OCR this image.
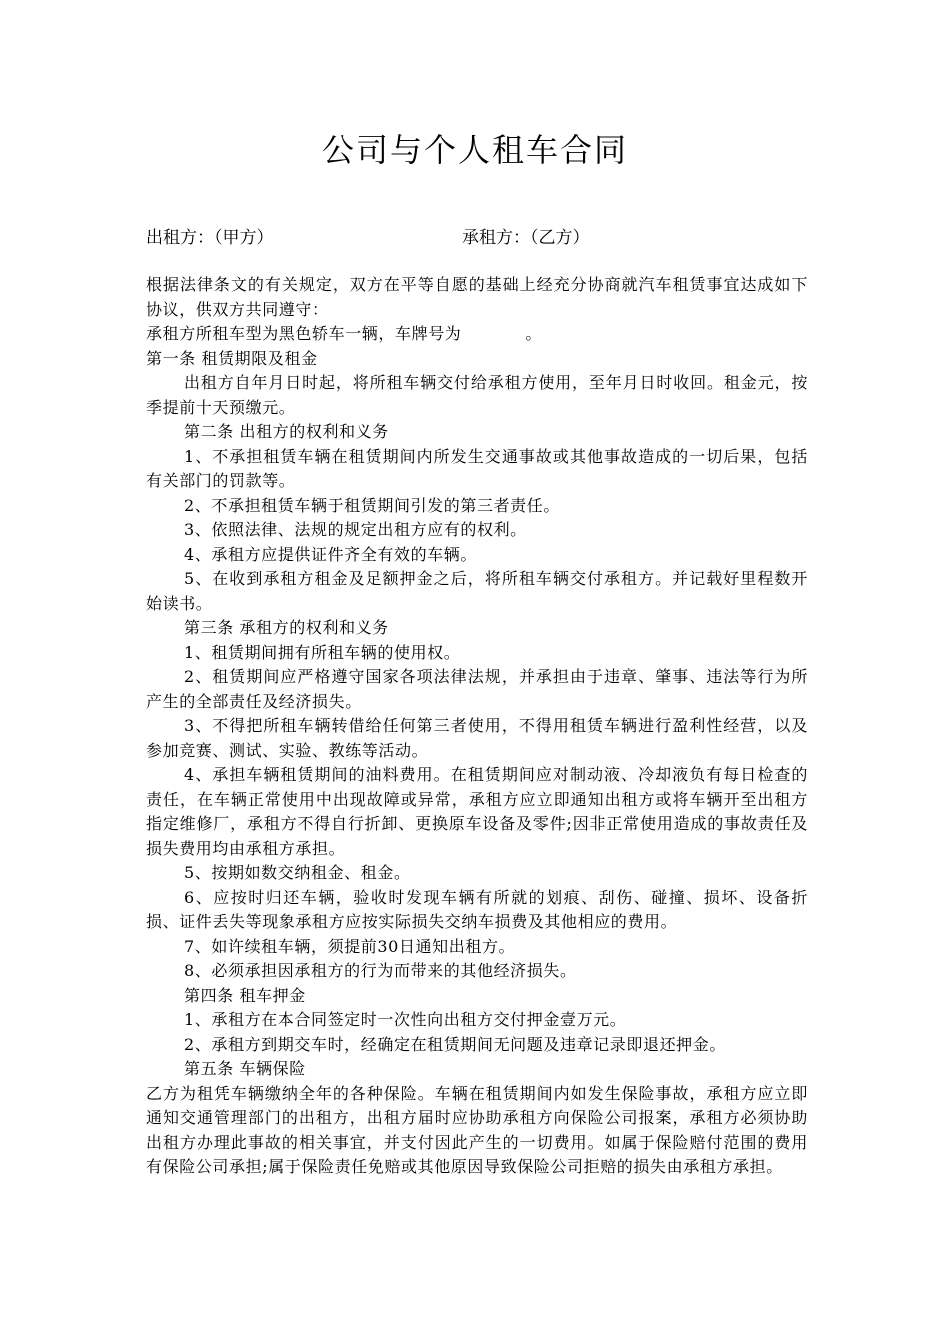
公司与个人租车合同
出租方：（甲方）	承租方：（乙方）

根据法律条文的有关规定，双方在平等自愿的基础上经充分协商就汽车租赁事宜达成如下协议，供双方共同遵守：

承租方所租车型为黑色轿车一辆，车牌号为	。

第一条 租赁期限及租金

出租方自年月日时起，将所租车辆交付给承租方使用，至年月日时收回。租金元，按季提前十天预缴元。

第二条 出租方的权利和义务

1、不承担租赁车辆在租赁期间内所发生交通事故或其他事故造成的一切后果，包括有关部门的罚款等。

2、不承担租赁车辆于租赁期间引发的第三者责任。

3、依照法律、法规的规定出租方应有的权利。

4、承租方应提供证件齐全有效的车辆。

5、在收到承租方租金及足额押金之后，将所租车辆交付承租方。并记载好里程数开始读书。

第三条 承租方的权利和义务

1、租赁期间拥有所租车辆的使用权。

2、租赁期间应严格遵守国家各项法律法规，并承担由于违章、肇事、违法等行为所产生的全部责任及经济损失。

3、不得把所租车辆转借给任何第三者使用，不得用租赁车辆进行盈利性经营，以及参加竞赛、测试、实验、教练等活动。

4、承担车辆租赁期间的油料费用。在租赁期间应对制动液、冷却液负有每日检查的责任，在车辆正常使用中出现故障或异常，承租方应立即通知出租方或将车辆开至出租方指定维修厂，承租方不得自行折卸、更换原车设备及零件;因非正常使用造成的事故责任及损失费用均由承租方承担。

5、按期如数交纳租金、租金。

6、应按时归还车辆，验收时发现车辆有所就的划痕、刮伤、碰撞、损坏、设备折损、证件丢失等现象承租方应按实际损失交纳车损费及其他相应的费用。

7、如许续租车辆，须提前30日通知出租方。

8、必须承担因承租方的行为而带来的其他经济损失。

第四条 租车押金

1、承租方在本合同签定时一次性向出租方交付押金壹万元。

2、承租方到期交车时，经确定在租赁期间无问题及违章记录即退还押金。

第五条 车辆保险

乙方为租凭车辆缴纳全年的各种保险。车辆在租赁期间内如发生保险事故，承租方应立即通知交通管理部门的出租方，出租方届时应协助承租方向保险公司报案，承租方必须协助出租方办理此事故的相关事宜，并支付因此产生的一切费用。如属于保险赔付范围的费用有保险公司承担;属于保险责任免赔或其他原因导致保险公司拒赔的损失由承租方承担。
